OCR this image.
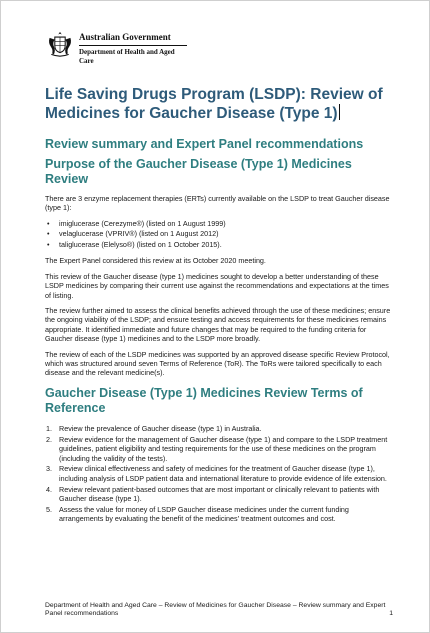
Australian Government
Department of Health and Aged Care
Life Saving Drugs Program (LSDP): Review of Medicines for Gaucher Disease (Type 1)
Review summary and Expert Panel recommendations
Purpose of the Gaucher Disease (Type 1) Medicines Review

There are 3 enzyme replacement therapies (ERTs) currently available on the LSDP to treat Gaucher disease (type 1):

• imiglucerase (Cerezyme®) (listed on 1 August 1999)
• velaglucerase (VPRIV®) (listed on 1 August 2012)
• taliglucerase (Elelyso®) (listed on 1 October 2015).

The Expert Panel considered this review at its October 2020 meeting.

This review of the Gaucher disease (type 1) medicines sought to develop a better understanding of these LSDP medicines by comparing their current use against the recommendations and expectations at the times of listing.

The review further aimed to assess the clinical benefits achieved through the use of these medicines; ensure the ongoing viability of the LSDP; and ensure testing and access requirements for these medicines remains appropriate. It identified immediate and future changes that may be required to the funding criteria for Gaucher disease (type 1) medicines and to the LSDP more broadly.

The review of each of the LSDP medicines was supported by an approved disease specific Review Protocol, which was structured around seven Terms of Reference (ToR). The ToRs were tailored specifically to each disease and the relevant medicine(s).

Gaucher Disease (Type 1) Medicines Review Terms of Reference
1. Review the prevalence of Gaucher disease (type 1) in Australia.
2. Review evidence for the management of Gaucher disease (type 1) and compare to the LSDP treatment guidelines, patient eligibility and testing requirements for the use of these medicines on the program (including the validity of the tests).
3. Review clinical effectiveness and safety of medicines for the treatment of Gaucher disease (type 1), including analysis of LSDP patient data and international literature to provide evidence of life extension.
4. Review relevant patient-based outcomes that are most important or clinically relevant to patients with Gaucher disease (type 1).
5. Assess the value for money of LSDP Gaucher disease medicines under the current funding arrangements by evaluating the benefit of the medicines' treatment outcomes and cost.
Department of Health and Aged Care – Review of Medicines for Gaucher Disease – Review summary and Expert Panel recommendations	1
